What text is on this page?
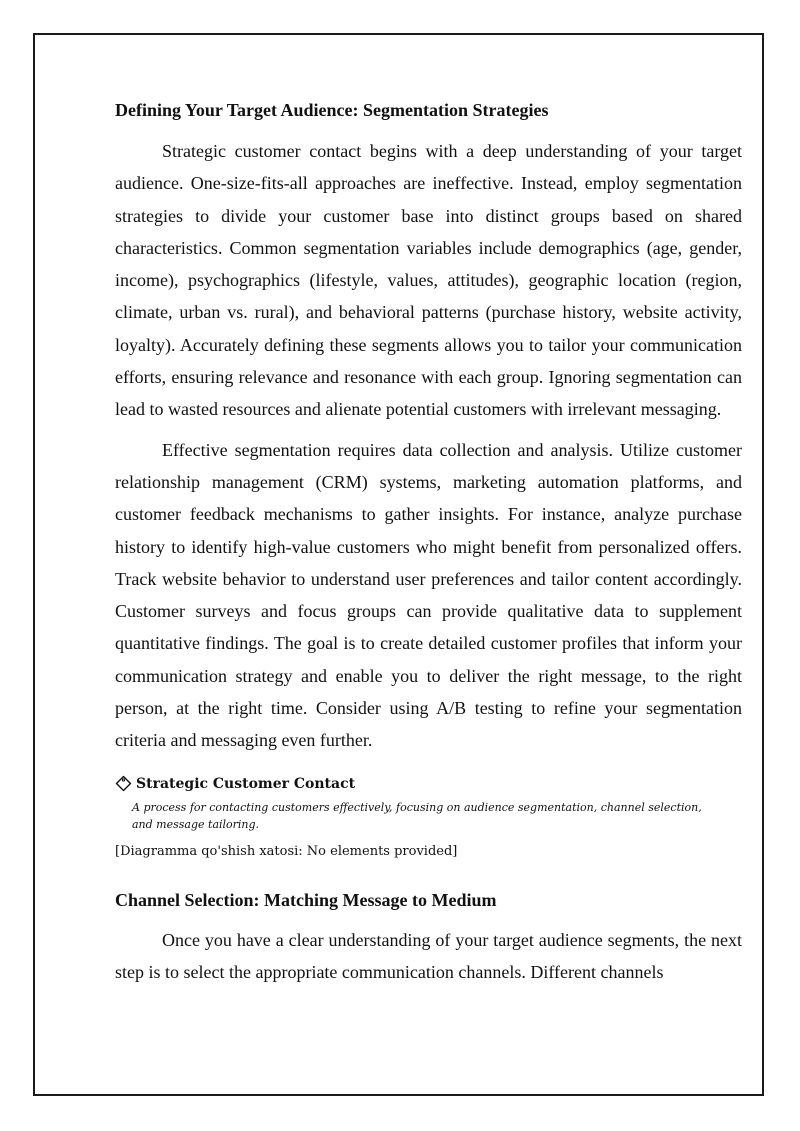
Defining Your Target Audience: Segmentation Strategies

Strategic customer contact begins with a deep understanding of your target audience. One-size-fits-all approaches are ineffective. Instead, employ segmentation strategies to divide your customer base into distinct groups based on shared characteristics. Common segmentation variables include demographics (age, gender, income), psychographics (lifestyle, values, attitudes), geographic location (region, climate, urban vs. rural), and behavioral patterns (purchase history, website activity, loyalty). Accurately defining these segments allows you to tailor your communication efforts, ensuring relevance and resonance with each group. Ignoring segmentation can lead to wasted resources and alienate potential customers with irrelevant messaging.

Effective segmentation requires data collection and analysis. Utilize customer relationship management (CRM) systems, marketing automation platforms, and customer feedback mechanisms to gather insights. For instance, analyze purchase history to identify high-value customers who might benefit from personalized offers. Track website behavior to understand user preferences and tailor content accordingly. Customer surveys and focus groups can provide qualitative data to supplement quantitative findings. The goal is to create detailed customer profiles that inform your communication strategy and enable you to deliver the right message, to the right person, at the right time. Consider using A/B testing to refine your segmentation criteria and messaging even further.

Strategic Customer Contact
A process for contacting customers effectively, focusing on audience segmentation, channel selection, and message tailoring.
[Diagramma qo'shish xatosi: No elements provided]
Channel Selection: Matching Message to Medium

Once you have a clear understanding of your target audience segments, the next step is to select the appropriate communication channels. Different channels
